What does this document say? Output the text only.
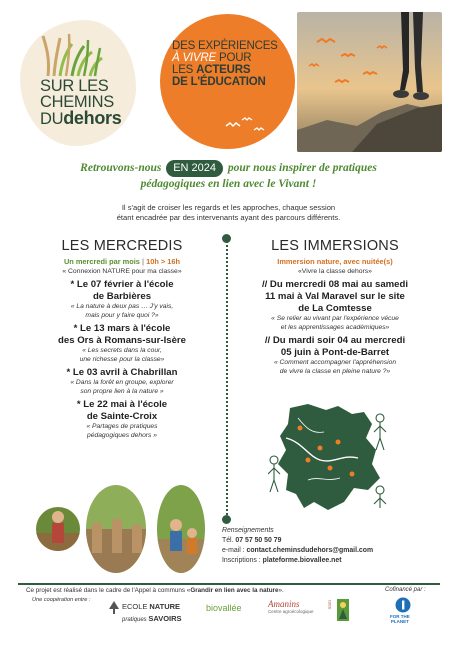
SUR LES
CHEMINS
DUdehors
DES EXPÉRIENCES
À VIVRE POUR
LES ACTEURS
DE L'ÉDUCATION
Retrouvons-nous EN 2024 pour nous inspirer de pratiques
pédagogiques en lien avec le Vivant !
Il s'agit de croiser les regards et les approches, chaque session
étant encadrée par des intervenants ayant des parcours différents.
LES MERCREDIS
Un mercredi par mois | 10h > 16h
« Connexion NATURE pour ma classe»
* Le 07 février à l'école
de Barbières
« La nature à deux pas … J'y vais,
mais pour y faire quoi ?»
* Le 13 mars à l'école
des Ors à Romans-sur-Isère
« Les secrets dans la cour,
une richesse pour la classe»
* Le 03 avril à Chabrillan
« Dans la forêt en groupe, explorer
son propre lien à la nature »
* Le 22 mai à l'école
de Sainte-Croix
« Partages de pratiques
pédagogiques dehors »
LES IMMERSIONS
Immersion nature, avec nuitée(s)
«Vivre la classe dehors»
// Du mercredi 08 mai au samedi
11 mai à Val Maravel sur le site
de La Comtesse
« Se relier au vivant par l'expérience vécue
et les apprentissages académiques»
// Du mardi soir 04 au mercredi
05 juin à Pont-de-Barret
« Comment accompagner l'appréhension
de vivre la classe en pleine nature ?»
Renseignements
Tél. 07 57 50 50 79
e-mail : contact.cheminsdudehors@gmail.com
Inscriptions : plateforme.biovallee.net
Ce projet est réalisé dans le cadre de l'Appel à communs «Grandir en lien avec la nature».
Une coopération entre :
ECOLE NATURE
pratiques SAVOIRS
biovallée	Amanins
Centre agroécologique
SDEI
Cofinancé par :
FOR THE
PLANET
